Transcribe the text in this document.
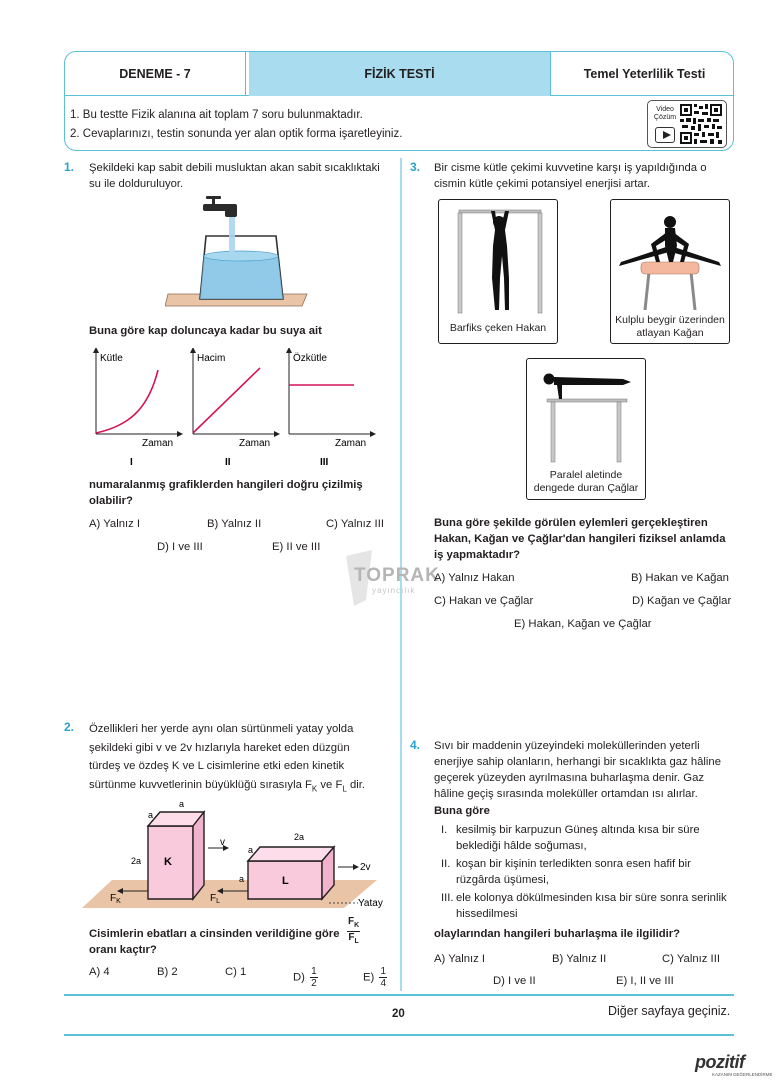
DENEME - 7	FİZİK TESTİ	Temel Yeterlilik Testi
1. Bu testte Fizik alanına ait toplam 7 soru bulunmaktadır.
2. Cevaplarınızı, testin sonunda yer alan optik forma işaretleyiniz.
Video
Çözüm
TOPRAK
yayıncılık
1. Şekildeki kap sabit debili musluktan akan sabit sıcaklıktaki
su ile dolduruluyor.
Buna göre kap doluncaya kadar bu suya ait
Kütle
Zaman
I
Hacim
Zaman
II
Özkütle
Zaman
III
numaralanmış grafiklerden hangileri doğru çizilmiş
olabilir?
A) Yalnız I	B) Yalnız II	C) Yalnız III
D) I ve III	E) II ve III
2. Özellikleri her yerde aynı olan sürtünmeli yatay yolda
şekildeki gibi v ve 2v hızlarıyla hareket eden düzgün
türdeş ve özdeş K ve L cisimlerine etki eden kinetik
sürtünme kuvvetlerinin büyüklüğü sırasıyla $F_K$ ve $F_L$ dir.
Yatay
K
a
a
2a
v
$F_K$
L
2a
a
a
2v
$F_L$
Cisimlerin ebatları a cinsinden verildiğine göre
oranı kaçtır?
$\frac{F_K}{F_L}$
A) 4	B) 2	C) 1	$D) \frac{1}{2}$	$E) \frac{1}{4}$
3. Bir cisme kütle çekimi kuvvetine karşı iş yapıldığında o
cismin kütle çekimi potansiyel enerjisi artar.
Barfiks çeken Hakan
Kulplu beygir üzerinden
atlayan Kağan
Paralel aletinde
dengede duran Çağlar
Buna göre şekilde görülen eylemleri gerçekleştiren
Hakan, Kağan ve Çağlar'dan hangileri fiziksel anlamda
iş yapmaktadır?
A) Yalnız Hakan	B) Hakan ve Kağan
C) Hakan ve Çağlar	D) Kağan ve Çağlar
E) Hakan, Kağan ve Çağlar
4. Sıvı bir maddenin yüzeyindeki moleküllerinden yeterli
enerjiye sahip olanların, herhangi bir sıcaklıkta gaz hâline
geçerek yüzeyden ayrılmasına buharlaşma denir. Gaz
hâline geçiş sırasında moleküller ortamdan ısı alırlar.
Buna göre
I. kesilmiş bir karpuzun Güneş altında kısa bir süre
beklediği hâlde soğuması,
II. koşan bir kişinin terledikten sonra esen hafif bir
rüzgârda üşümesi,
III. ele kolonya dökülmesinden kısa bir süre sonra serinlik
hissedilmesi
olaylarından hangileri buharlaşma ile ilgilidir?
A) Yalnız I	B) Yalnız II	C) Yalnız III
D) I ve II	E) I, II ve III
20	Diğer sayfaya geçiniz.
pozitif
KAZANIM DEĞERLENDİRME
